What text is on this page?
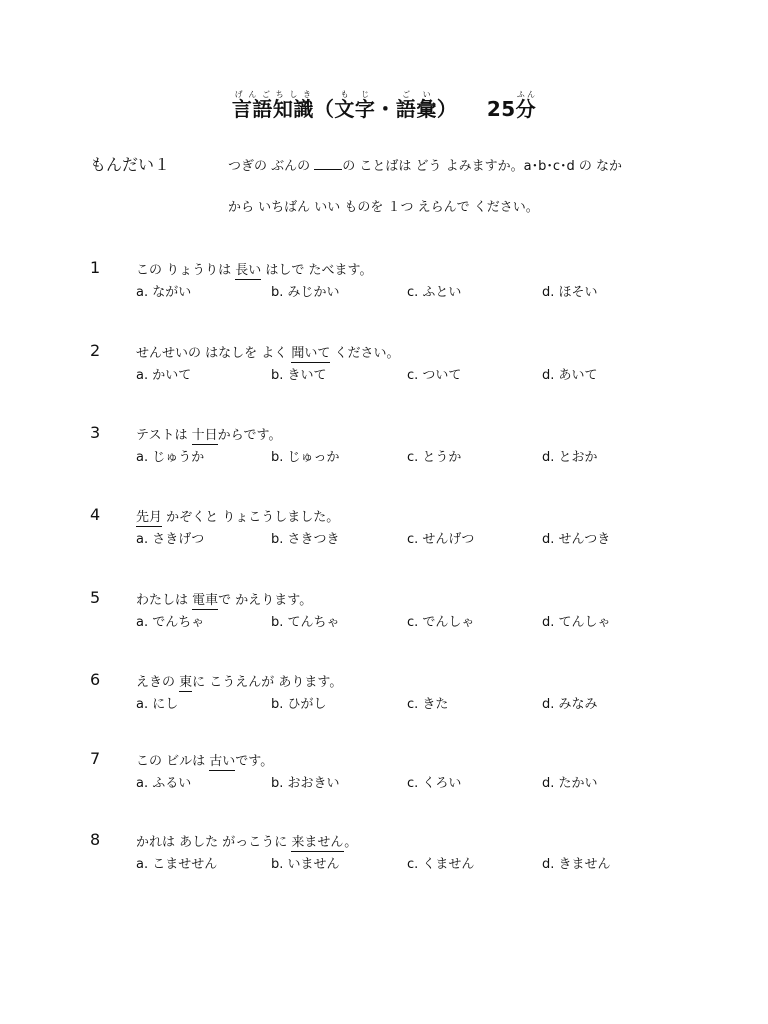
言語知識げんごちしき（文字もじ・語彙ごい） 25分ふん
もんだい１	つぎの ぶんの の ことばは どう よみますか。a･b･c･d の なか
から いちばん いい ものを １つ えらんで ください。
1	この りょうりは 長い はしで たべます。
a. ながい	b. みじかい	c. ふとい	d. ほそい
2	せんせいの はなしを よく 聞いて ください。
a. かいて	b. きいて	c. ついて	d. あいて
3	テストは 十日からです。
a. じゅうか	b. じゅっか	c. とうか	d. とおか
4	先月 かぞくと りょこうしました。
a. さきげつ	b. さきつき	c. せんげつ	d. せんつき
5	わたしは 電車で かえります。
a. でんちゃ	b. てんちゃ	c. でんしゃ	d. てんしゃ
6	えきの 東に こうえんが あります。
a. にし	b. ひがし	c. きた	d. みなみ
7	この ビルは 古いです。
a. ふるい	b. おおきい	c. くろい	d. たかい
8	かれは あした がっこうに 来ません。
a. こませせん	b. いません	c. くません	d. きません
